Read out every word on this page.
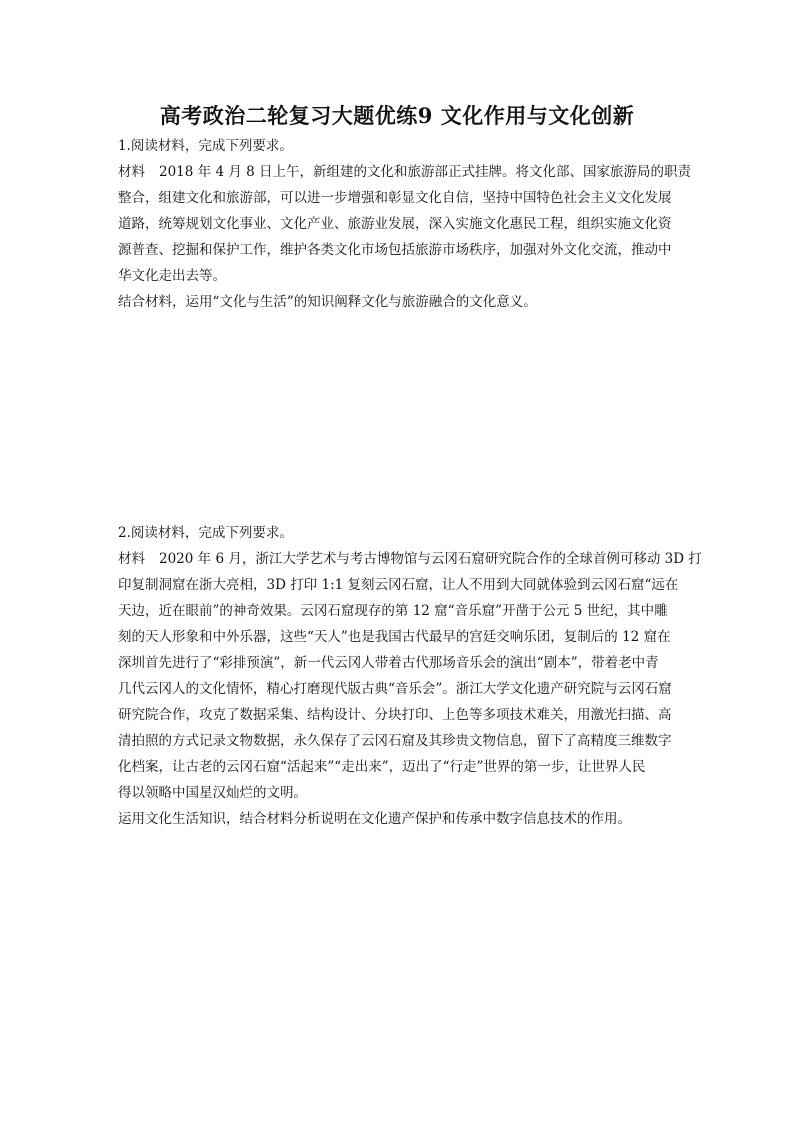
高考政治二轮复习大题优练9 文化作用与文化创新
1.阅读材料，完成下列要求。
材料 2018 年 4 月 8 日上午，新组建的文化和旅游部正式挂牌。将文化部、国家旅游局的职责
整合，组建文化和旅游部，可以进一步增强和彰显文化自信，坚持中国特色社会主义文化发展
道路，统筹规划文化事业、文化产业、旅游业发展，深入实施文化惠民工程，组织实施文化资
源普查、挖掘和保护工作，维护各类文化市场包括旅游市场秩序，加强对外文化交流，推动中
华文化走出去等。
结合材料，运用“文化与生活”的知识阐释文化与旅游融合的文化意义。
2.阅读材料，完成下列要求。
材料 2020 年 6 月，浙江大学艺术与考古博物馆与云冈石窟研究院合作的全球首例可移动 3D 打
印复制洞窟在浙大亮相，3D 打印 1:1 复刻云冈石窟，让人不用到大同就体验到云冈石窟“远在
天边，近在眼前”的神奇效果。云冈石窟现存的第 12 窟“音乐窟”开凿于公元 5 世纪，其中雕
刻的天人形象和中外乐器，这些“天人”也是我国古代最早的宫廷交响乐团，复制后的 12 窟在
深圳首先进行了“彩排预演”，新一代云冈人带着古代那场音乐会的演出“剧本”，带着老中青
几代云冈人的文化情怀，精心打磨现代版古典“音乐会”。浙江大学文化遗产研究院与云冈石窟
研究院合作，攻克了数据采集、结构设计、分块打印、上色等多项技术难关，用激光扫描、高
清拍照的方式记录文物数据，永久保存了云冈石窟及其珍贵文物信息，留下了高精度三维数字
化档案，让古老的云冈石窟“活起来”“走出来”，迈出了“行走”世界的第一步，让世界人民
得以领略中国星汉灿烂的文明。
运用文化生活知识，结合材料分析说明在文化遗产保护和传承中数字信息技术的作用。
